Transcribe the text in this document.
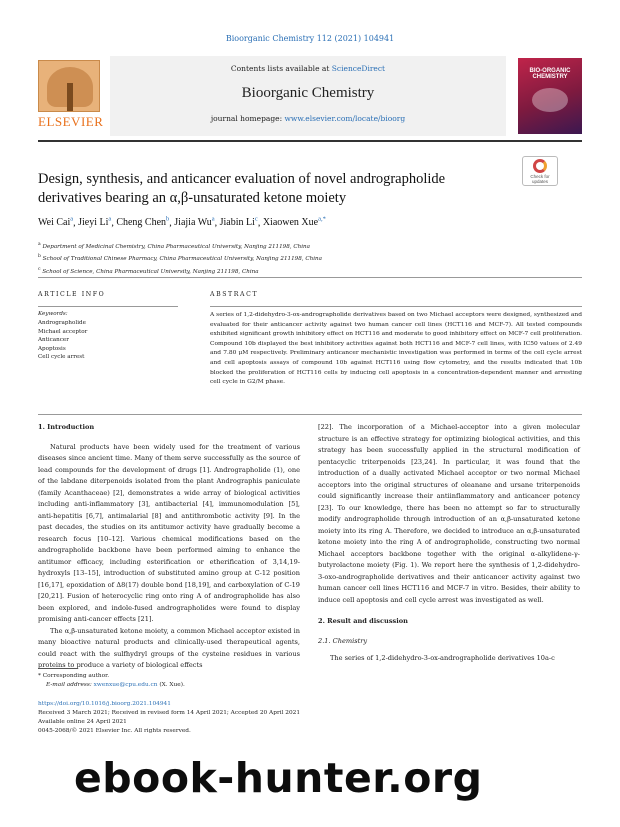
Bioorganic Chemistry 112 (2021) 104941
ELSEVIER
Contents lists available at ScienceDirect
Bioorganic Chemistry
journal homepage: www.elsevier.com/locate/bioorg
BIO-ORGANIC
CHEMISTRY
Design, synthesis, and anticancer evaluation of novel andrographolide derivatives bearing an α,β-unsaturated ketone moiety
Check for updates
Wei Cai$^a$, Jieyi Li$^a$, Cheng Chen$^b$, Jiajia Wu$^a$, Jiabin Li$^c$, Xiaowen Xue$^{a,*}$
$^a$ Department of Medicinal Chemistry, China Pharmaceutical University, Nanjing 211198, China
$^b$ School of Traditional Chinese Pharmacy, China Pharmaceutical University, Nanjing 211198, China
$^c$ School of Science, China Pharmaceutical University, Nanjing 211198, China
ARTICLE INFO
Keywords:
Andrographolide
Michael acceptor
Anticancer
Apoptosis
Cell cycle arrest
ABSTRACT
A series of 1,2-didehydro-3-ox-andrographolide derivatives based on two Michael acceptors were designed, synthesized and evaluated for their anticancer activity against two human cancer cell lines (HCT116 and MCF-7). All tested compounds exhibited significant growth inhibitory effect on HCT116 and moderate to good inhibitory effect on MCF-7 cell proliferation. Compound 10b displayed the best inhibitory activities against both HCT116 and MCF-7 cell lines, with IC50 values of 2.49 and 7.80 μM respectively. Preliminary anticancer mechanistic investigation was performed in terms of the cell cycle arrest and cell apoptosis assays of compound 10b against HCT116 using flow cytometry, and the results indicated that 10b blocked the proliferation of HCT116 cells by inducing cell apoptosis in a concentration-dependent manner and arresting cell cycle in G2/M phase.
1. Introduction

Natural products have been widely used for the treatment of various diseases since ancient time. Many of them serve successfully as the source of lead compounds for the development of drugs [1]. Andrographolide (1), one of the labdane diterpenoids isolated from the plant Andrographis paniculate (family Acanthaceae) [2], demonstrates a wide array of biological activities including anti-inflammatory [3], antibacterial [4], immunomodulation [5], anti-hepatitis [6,7], antimalarial [8] and antithrombotic activity [9]. In the past decades, the studies on its antitumor activity have gradually become a research focus [10–12]. Various chemical modifications based on the andrographolide backbone have been performed aiming to enhance the antitumor efficacy, including esterification or etherification of 3,14,19-hydroxyls [13–15], introduction of substituted amino group at C-12 position [16,17], epoxidation of Δ8(17) double bond [18,19], and carboxylation of C-19 [20,21]. Fusion of heterocyclic ring onto ring A of andrographolide has also been explored, and indole-fused andrographolides were found to display promising anti-cancer effects [21].

The α,β-unsaturated ketone moiety, a common Michael acceptor existed in many bioactive natural products and clinically-used therapeutical agents, could react with the sulfhydryl groups of the cysteine residues in various proteins to produce a variety of biological effects

[22]. The incorporation of a Michael-acceptor into a given molecular structure is an effective strategy for optimizing biological activities, and this strategy has been successfully applied in the structural modification of pentacyclic triterpenoids [23,24]. In particular, it was found that the introduction of a dually activated Michael acceptor or two normal Michael acceptors into the original structures of oleanane and ursane triterpenoids could significantly increase their antiinflammatory and anticancer potency [23]. To our knowledge, there has been no attempt so far to structurally modify andrographolide through introduction of an α,β-unsaturated ketone moiety into its ring A. Therefore, we decided to introduce an α,β-unsaturated ketone moiety into the ring A of andrographolide, constructing two normal Michael acceptors backbone together with the original α-alkylidene-γ-butyrolactone moiety (Fig. 1). We report here the synthesis of 1,2-didehydro-3-oxo-andrographolide derivatives and their anticancer activity against two human cancer cell lines HCT116 and MCF-7 in vitro. Besides, their ability to induce cell apoptosis and cell cycle arrest was investigated as well.

2. Result and discussion
2.1. Chemistry

The series of 1,2-didehydro-3-ox-andrographolide derivatives 10a-c

* Corresponding author.
E-mail address: xwenxue@cpu.edu.cn (X. Xue).
https://doi.org/10.1016/j.bioorg.2021.104941
Received 3 March 2021; Received in revised form 14 April 2021; Accepted 20 April 2021
Available online 24 April 2021
0045-2068/© 2021 Elsevier Inc. All rights reserved.
ebook-hunter.org
